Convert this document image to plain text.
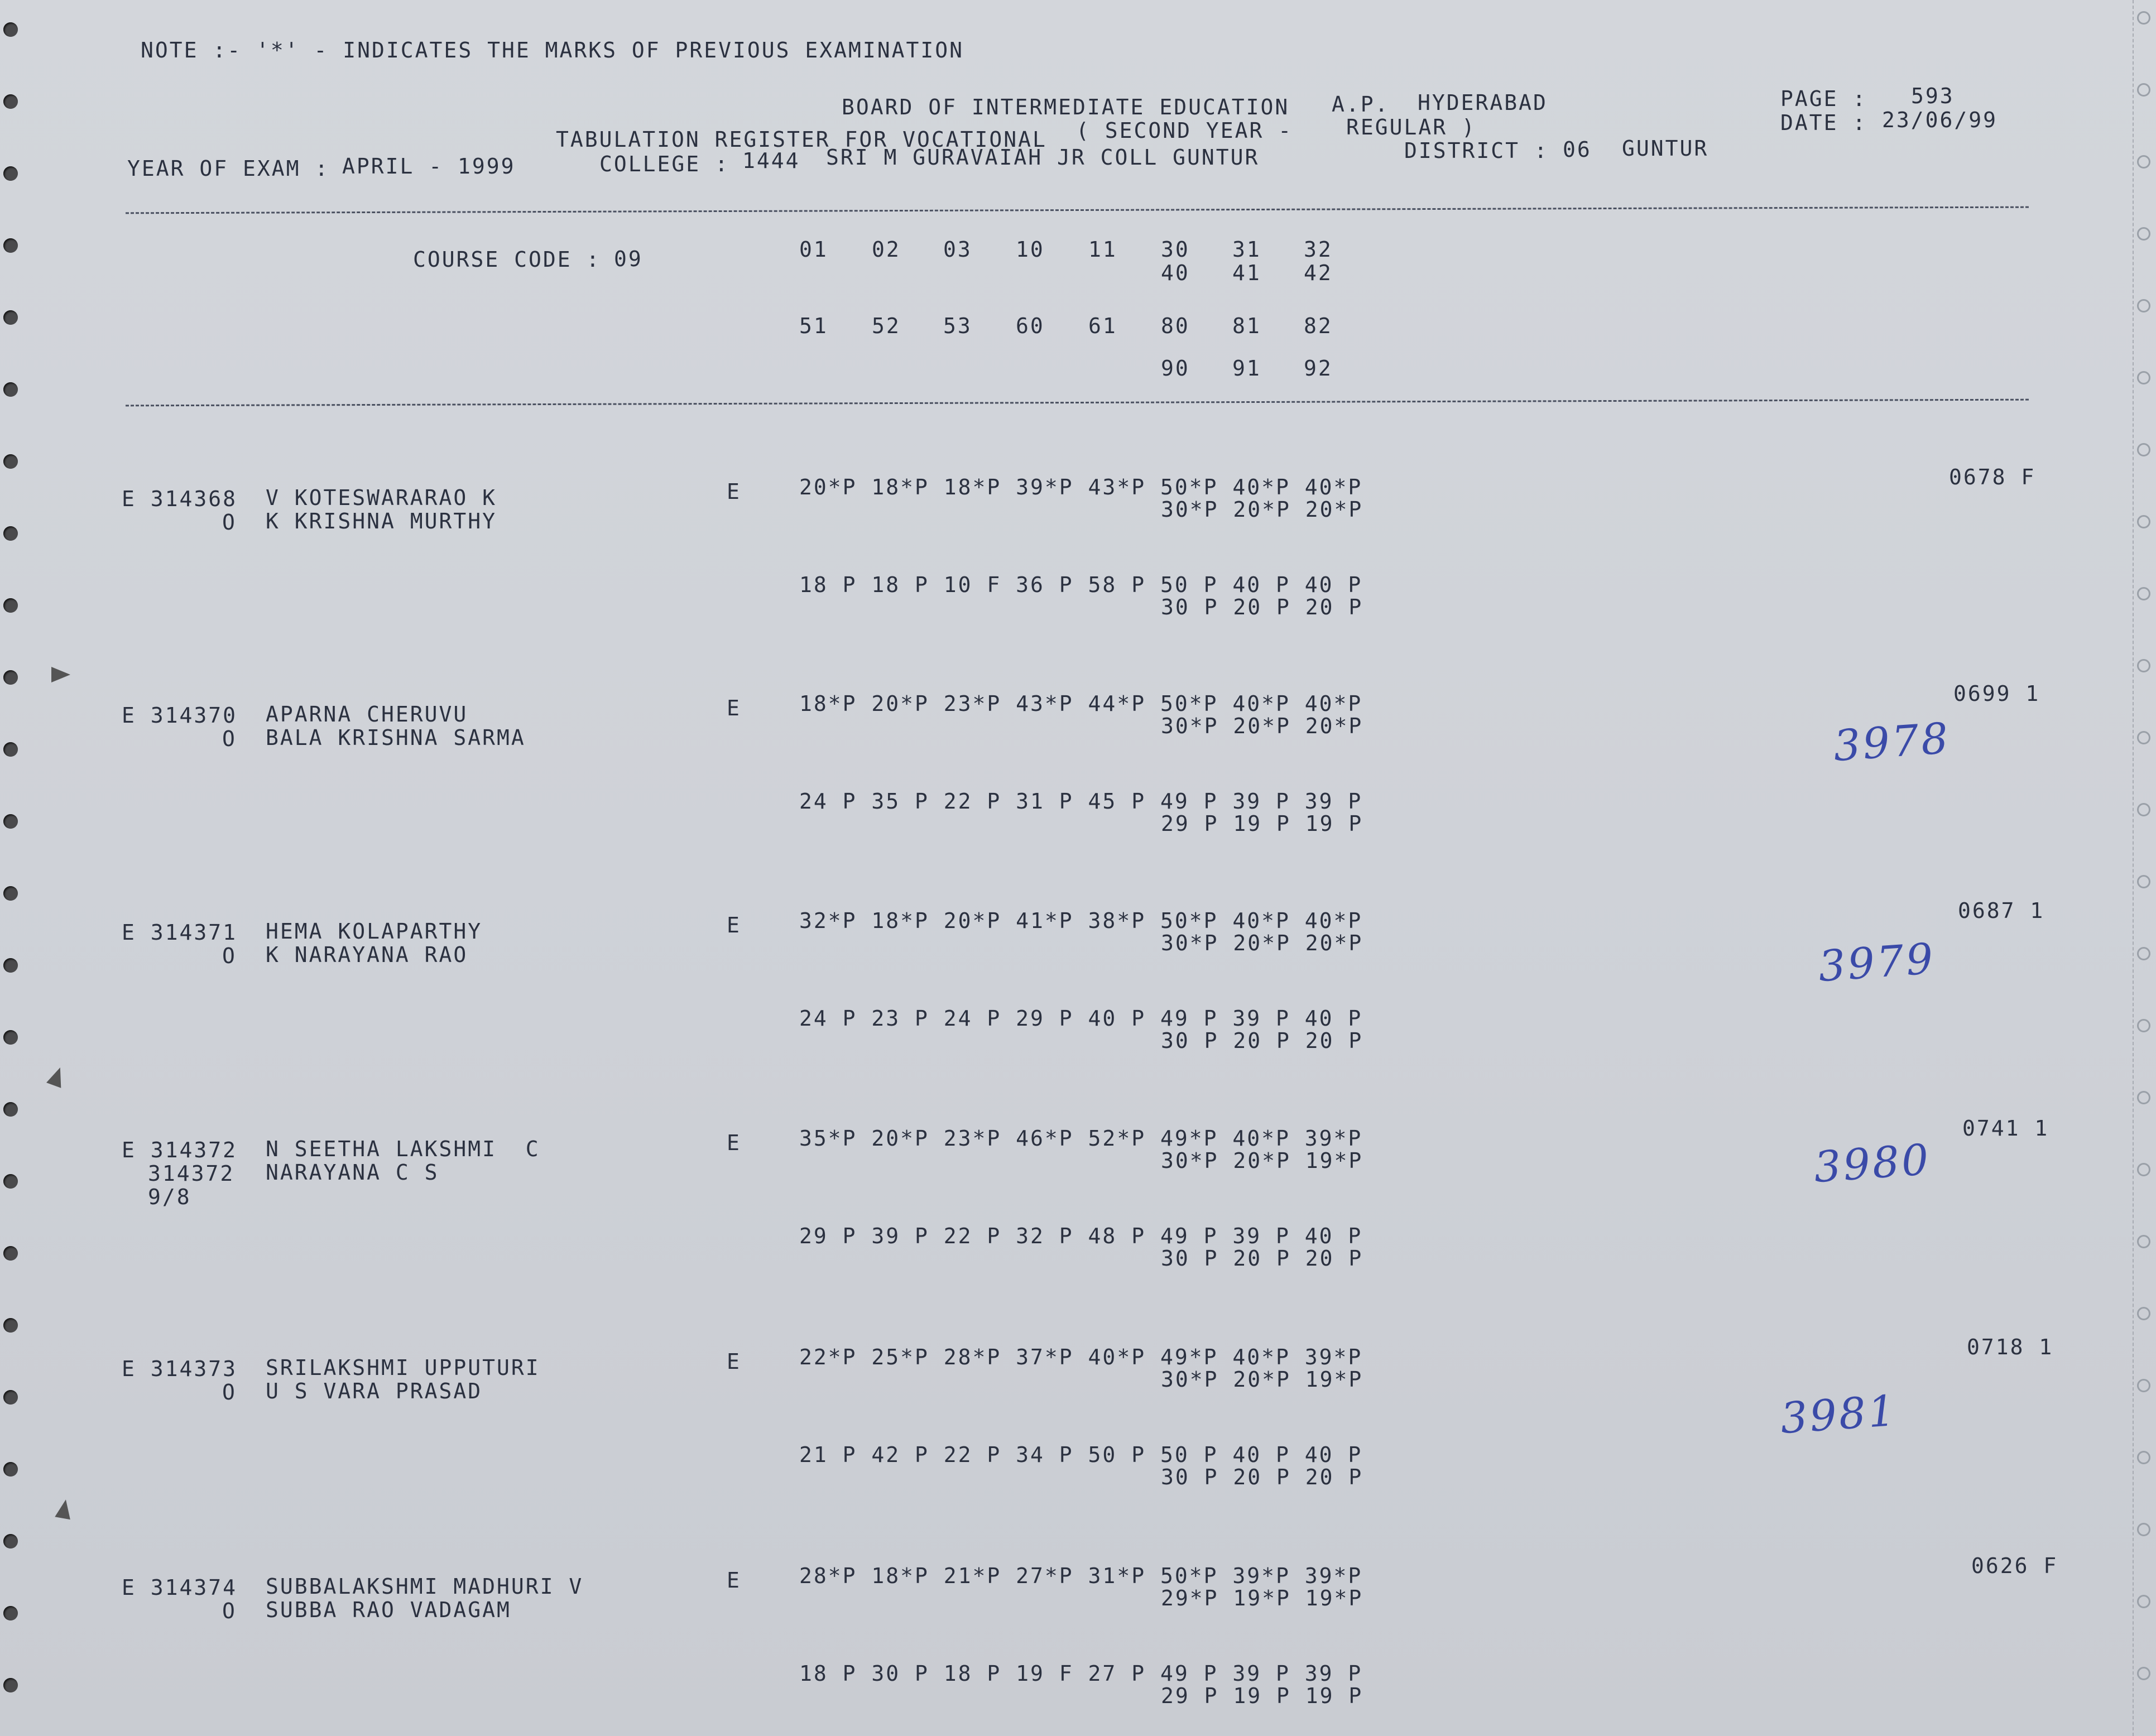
NOTE :- '*' - INDICATES THE MARKS OF PREVIOUS EXAMINATION
BOARD OF INTERMEDIATE EDUCATION A.P. HYDERABAD
TABULATION REGISTER FOR VOCATIONAL ( SECOND YEAR -	REGULAR )
PAGE : 593
DATE : 23/06/99
YEAR OF EXAM : APRIL - 1999	COLLEGE : 1444 SRI M GURAVAIAH JR COLL GUNTUR	DISTRICT : 06 GUNTUR
COURSE CODE : 09	01 02 03 10 11 30 31 32
40 41 42
51 52 53 60 61 80 81 82
90 91 92
E 314368 V KOTESWARARAO K
O K KRISHNA MURTHY
E	20*P 18*P 18*P 39*P 43*P 50*P 40*P 40*P
30*P 20*P 20*P
18 P 18 P 10 F 36 P 58 P 50 P 40 P 40 P
30 P 20 P 20 P
0678 F
E 314370 APARNA CHERUVU
O BALA KRISHNA SARMA
E	18*P 20*P 23*P 43*P 44*P 50*P 40*P 40*P
30*P 20*P 20*P
24 P 35 P 22 P 31 P 45 P 49 P 39 P 39 P
29 P 19 P 19 P
0699 1
3978
E 314371 HEMA KOLAPARTHY
O K NARAYANA RAO
E	32*P 18*P 20*P 41*P 38*P 50*P 40*P 40*P
30*P 20*P 20*P
24 P 23 P 24 P 29 P 40 P 49 P 39 P 40 P
30 P 20 P 20 P
0687 1
3979
E 314372 N SEETHA LAKSHMI  C
314372 NARAYANA C S
9/8
E	35*P 20*P 23*P 46*P 52*P 49*P 40*P 39*P
30*P 20*P 19*P
29 P 39 P 22 P 32 P 48 P 49 P 39 P 40 P
30 P 20 P 20 P
0741 1
3980
E 314373 SRILAKSHMI UPPUTURI
O U S VARA PRASAD
E	22*P 25*P 28*P 37*P 40*P 49*P 40*P 39*P
30*P 20*P 19*P
21 P 42 P 22 P 34 P 50 P 50 P 40 P 40 P
30 P 20 P 20 P
0718 1
3981
E 314374 SUBBALAKSHMI MADHURI V
O SUBBA RAO VADAGAM
E	28*P 18*P 21*P 27*P 31*P 50*P 39*P 39*P
29*P 19*P 19*P
18 P 30 P 18 P 19 F 27 P 49 P 39 P 39 P
29 P 19 P 19 P
0626 F
